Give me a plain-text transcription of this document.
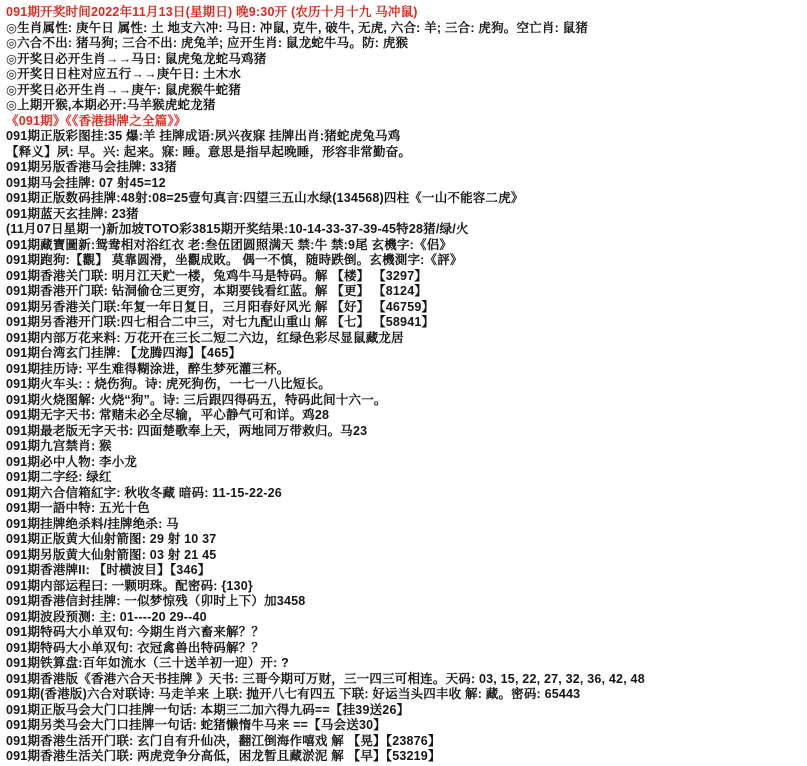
091期开奖时间2022年11月13日(星期日) 晚9:30开 (农历十月十九 马冲鼠)
◎生肖属性: 庚午日 属性: 土 地支六冲: 马日: 冲鼠, 克牛, 破牛, 无虎, 六合: 羊; 三合: 虎狗。空亡肖: 鼠猪
◎六合不出: 猪马狗; 三合不出: 虎兔羊; 应开生肖: 鼠龙蛇牛马。防: 虎猴
◎开奖日必开生肖→→马日: 鼠虎兔龙蛇马鸡猪
◎开奖日日柱对应五行→→庚午日: 土木水
◎开奖日必开生肖→→庚午: 鼠虎猴牛蛇猪
◎上期开猴,本期必开:马羊猴虎蛇龙猪
《091期》《《香港掛牌之全篇》》
091期正版彩图挂:35 爆:羊 挂牌成语:夙兴夜寐 挂牌出肖:猪蛇虎兔马鸡
【释义】夙: 早。兴: 起来。寐: 睡。意思是指早起晚睡，形容非常勤奋。
091期另版香港马会挂牌: 33猪
091期马会挂牌: 07 射45=12
091期正版数码挂牌:48射:08=25壹句真言:四望三五山水绿(134568)四柱《一山不能容二虎》
091期蓝天玄挂牌: 23猪
(11月07日星期一)新加坡TOTO彩3815期开奖结果:10-14-33-37-39-45特28猪/绿/火
091期藏寶圖新:鸳鸯相对浴红衣 老:叁伍团圆照满天 禁:牛 禁:9尾 玄機字:《侣》
091期跑狗:【觀】 莫靠圆滑，坐觀成敗。 偶一不慎，随時跌倒。玄機測字:《評》
091期香港关门联: 明月江天贮一楼，兔鸡牛马是特码。解 【楼】 【3297】
091期香港开门联: 钻洞偷仓三更穷，本期要钱看红蓝。解 【更】 【8124】
091期另香港关门联:年复一年日复日，三月阳春好风光 解 【好】 【46759】
091期另香港开门联:四七相合二中三，对七九配山重山 解 【七】 【58941】
091期内部万花来料: 万花开在三长二短二六边，红绿色彩尽显鼠藏龙居
091期台湾玄门挂牌: 【龙腾四海】【465】
091期挂历诗: 平生难得糊涂进，醉生梦死灌三杯。
091期火车头: : 烧伤狗。诗: 虎死狗伤，一七一八比短长。
091期火烧图解: 火烧“狗”。诗: 三后跟四得码五，特码此间十六一。
091期无字天书: 常赌未必全尽输，平心静气可和详。鸡28
091期最老版无字天书: 四面楚歌奉上天，两地同万带救归。马23
091期九宫禁肖: 猴
091期必中人物: 李小龙
091期二字经: 绿红
091期六合信箱紅字: 秋收冬藏 暗码: 11-15-22-26
091期一語中特: 五光十色
091期挂牌绝杀料/挂牌绝杀: 马
091期正版黄大仙射箭图: 29 射 10 37
091期另版黄大仙射箭图: 03 射 21 45
091期香港牌II: 【时横波目】【346】
091期内部运程曰: 一颗明珠。配密码: {130}
091期香港信封挂牌: 一似梦惊残（卯时上下）加3458
091期波段预测: 主: 01----20 29--40
091期特码大小单双句: 今期生肖六畜来解？？
091期特码大小单双句: 衣冠禽兽出特码解？？
091期铁算盘:百年如流水（三十送羊初一迎）开: ?
091期香港版《香港六合天书挂牌 》天书: 三哥今期可万财，三一四三可相连。天码: 03, 15, 22, 27, 32, 36, 42, 48
091期(香港版)六合对联诗: 马走羊来 上联: 抛开八七有四五 下联: 好运当头四丰收 解: 藏。密码: 65443
091期正版马会大门口挂牌一句话: 本期三二加六得九码==【挂39送26】
091期另类马会大门口挂牌一句话: 蛇猪懒惰牛马来 ==【马会送30】
091期香港生活开门联: 玄门自有升仙决，翻江倒海作嘻戏 解 【晃】【23876】
091期香港生活关门联: 两虎竞争分高低，困龙暂且藏淤泥 解 【早】【53219】
